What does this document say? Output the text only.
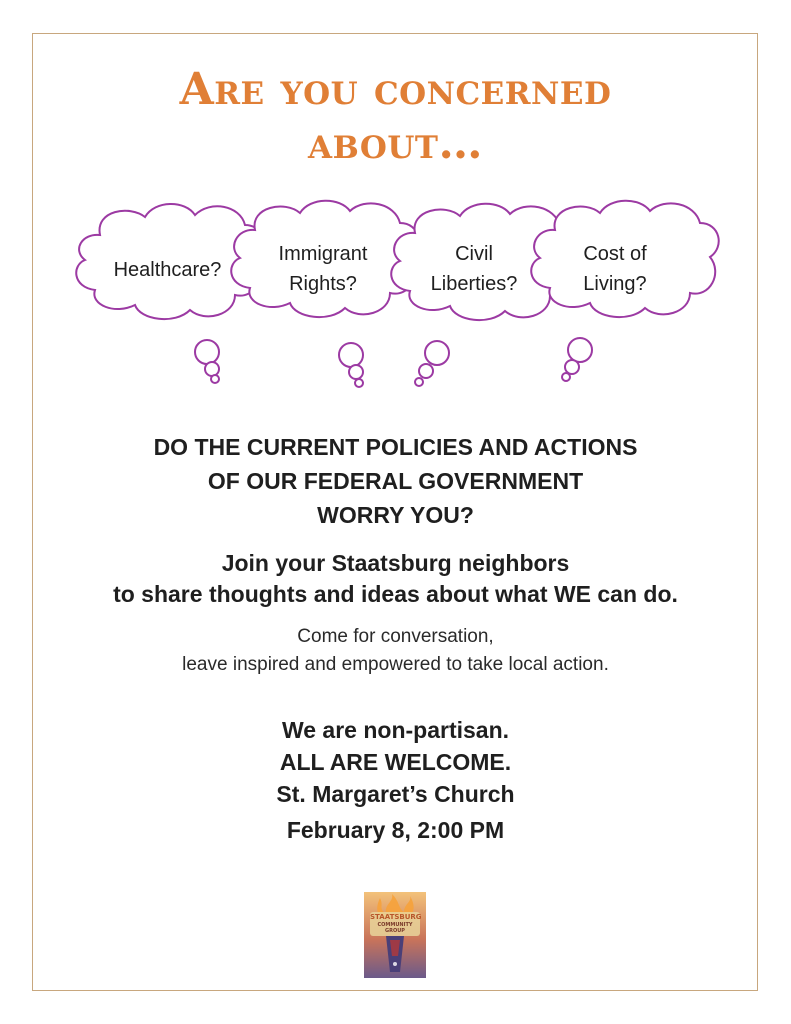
Are you concerned
about…
Healthcare?
Immigrant
Rights?
Civil
Liberties?
Cost of
Living?

DO THE CURRENT POLICIES AND ACTIONS
OF OUR FEDERAL GOVERNMENT
WORRY YOU?

Join your Staatsburg neighbors
to share thoughts and ideas about what WE can do.

Come for conversation,
leave inspired and empowered to take local action.

We are non-partisan.
ALL ARE WELCOME.
St. Margaret’s Church
February 8, 2:00 PM

STAATSBURG
COMMUNITY
GROUP
